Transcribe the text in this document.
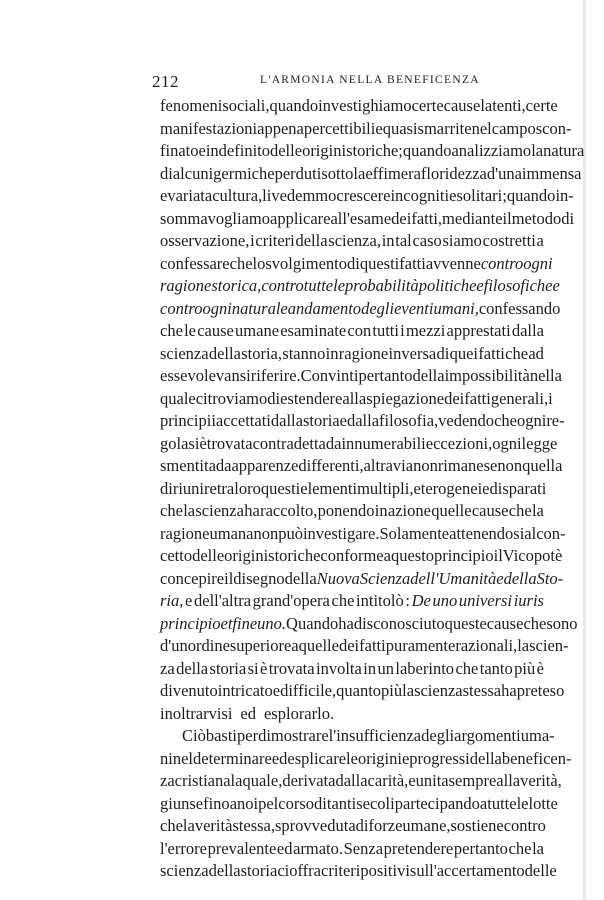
212	L'ARMONIA NELLA BENEFICENZA
fenomeni sociali, quando investighiamo certe cause latenti, certe
manifestazioni appena percettibili e quasi smarrite nel campo scon-
finato e indefinito delle origini storiche; quando analizziamo la natura
di alcuni germi che perduti sotto la effimera floridezza d'una immensa
e variata cultura, li vedemmo crescere incogniti e solitari; quando in-
somma vogliamo applicare all'esame dei fatti, mediante il metodo di
osservazione, i criteri della scienza, in tal caso siamo costretti a
confessare che lo svolgimento di questi fatti avvenne contro ogni
ragione storica, contro tutte le probabilità politiche e filosofiche e
contro ogni naturale andamento degli eventi umani, confessando
che le cause umane esaminate con tutti i mezzi apprestati dalla
scienza della storia, stanno in ragione inversa di quei fatti che ad
esse volevansi riferire. Convinti pertanto della impossibilità nella
quale ci troviamo di estendere alla spiegazione dei fatti generali, i
principii accettati dalla storia e dalla filosofia, vedendo che ogni re-
gola si è trovata contradetta da innumerabili eccezioni, ogni legge
smentita da apparenze differenti, altra via non rimane se non quella
di riunire tra loro questi elementi multipli, eterogenei e disparati
che la scienza ha raccolto, ponendo in azione quelle cause che la
ragione umana non può investigare. Solamente attenendosi al con-
cetto delle origini storiche conforme a questo principio il Vico potè
concepire il disegno della Nuova Scienza dell'Umanità e della Sto-
ria, e dell'altra grand'opera che intitolò : De uno universi iuris
principio et fine uno. Quando ha disconosciuto queste cause che sono
d'un ordine superiore a quelle dei fatti puramente razionali, la scien-
za della storia si è trovata involta in un laberinto che tanto più è
divenuto intricato e difficile, quanto più la scienza stessa ha preteso
inoltrarvisi ed esplorarlo.
Ciò basti per dimostrare l'insufficienza degli argomenti uma-
ni nel determinare ed esplicare le origini e progressi della beneficen-
za cristiana la quale, derivata dalla carità, e unita sempre alla verità,
giunse fino a noi pel corso di tanti secoli partecipando a tutte le lotte
che la verità stessa, sprovveduta di forze umane, sostiene contro
l'errore prevalente ed armato. Senza pretendere pertanto che la
scienza della storia ci offra criteri positivi sull'accertamento delle
